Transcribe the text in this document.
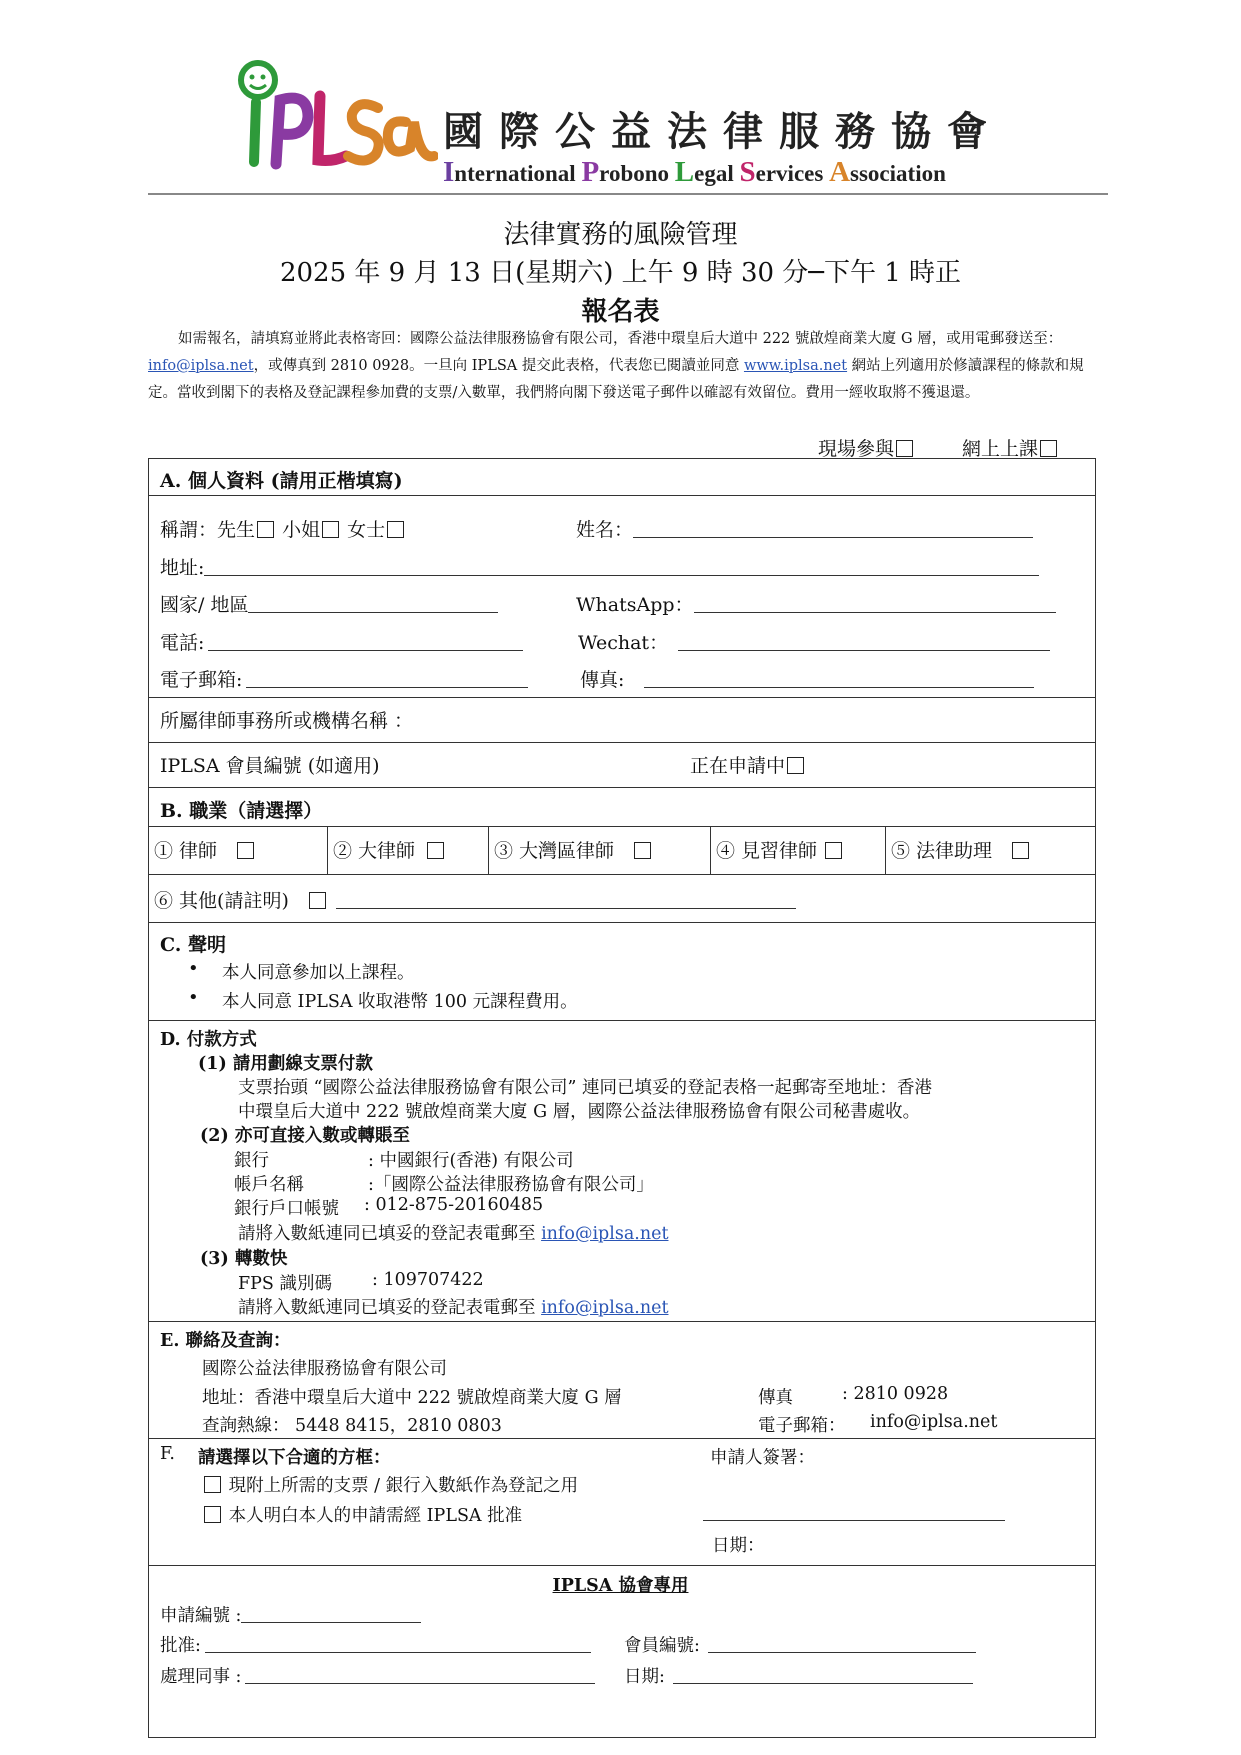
國際公益法律服務協會
International Probono Legal Services Association
法律實務的風險管理
2025 年 9 月 13 日(星期六) 上午 9 時 30 分─下午 1 時正
報名表
如需報名，請填寫並將此表格寄回：國際公益法律服務協會有限公司，香港中環皇后大道中 222 號啟煌商業大廈 G 層，或用電郵發送至：info@iplsa.net，或傳真到 2810 0928。一旦向 IPLSA 提交此表格，代表您已閱讀並同意 www.iplsa.net 網站上列適用於修讀課程的條款和規定。當收到閣下的表格及登記課程參加費的支票/入數單，我們將向閣下發送電子郵件以確認有效留位。費用一經收取將不獲退還。
現場參與	網上上課
A. 個人資料 (請用正楷填寫)
稱謂：先生 小姐 女士	姓名：
地址:
國家/ 地區	WhatsApp：
電話:	Wechat：
電子郵箱:	傳真:
所屬律師事務所或機構名稱 ：
IPLSA 會員編號 (如適用)	正在申請中
B. 職業（請選擇）
① 律師	② 大律師	③ 大灣區律師	④ 見習律師	⑤ 法律助理
⑥ 其他(請註明)
C. 聲明
• 本人同意參加以上課程。
• 本人同意 IPLSA 收取港幣 100 元課程費用。
D. 付款方式
(1) 請用劃線支票付款
支票抬頭 “國際公益法律服務協會有限公司” 連同已填妥的登記表格一起郵寄至地址：香港
中環皇后大道中 222 號啟煌商業大廈 G 層，國際公益法律服務協會有限公司秘書處收。
(2) 亦可直接入數或轉賬至
銀行	: 中國銀行(香港) 有限公司
帳戶名稱	:「國際公益法律服務協會有限公司」
銀行戶口帳號 : 012-875-20160485
請將入數紙連同已填妥的登記表電郵至 info@iplsa.net
(3) 轉數快
FPS 識別碼 : 109707422
請將入數紙連同已填妥的登記表電郵至 info@iplsa.net
E. 聯絡及查詢：
國際公益法律服務協會有限公司
地址：香港中環皇后大道中 222 號啟煌商業大廈 G 層	傳真	: 2810 0928
查詢熱線： 5448 8415，2810 0803	電子郵箱： info@iplsa.net
F. 請選擇以下合適的方框：
現附上所需的支票 / 銀行入數紙作為登記之用
本人明白本人的申請需經 IPLSA 批准
申請人簽署：
日期：
IPLSA 協會專用
申請編號 :
批准:	會員編號:
處理同事 :	日期:
